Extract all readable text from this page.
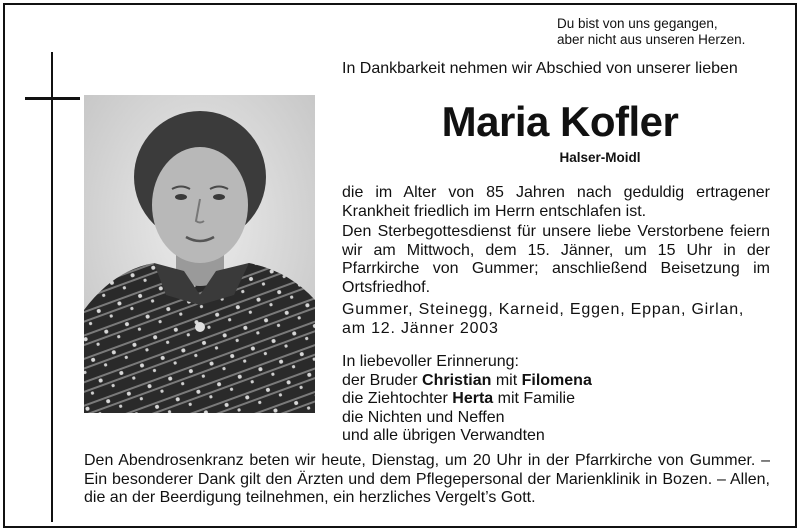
Du bist von uns gegangen,
aber nicht aus unseren Herzen.
In Dankbarkeit nehmen wir Abschied von unserer lieben
Maria Kofler
Halser-Moidl
die im Alter von 85 Jahren nach geduldig ertragener Krankheit friedlich im Herrn entschlafen ist.
Den Sterbegottesdienst für unsere liebe Verstorbene feiern wir am Mittwoch, dem 15. Jänner, um 15 Uhr in der Pfarrkirche von Gummer; anschließend Beisetzung im Ortsfriedhof.
Gummer, Steinegg, Karneid, Eggen, Eppan, Girlan, am 12. Jänner 2003
In liebevoller Erinnerung:
der Bruder Christian mit Filomena
die Ziehtochter Herta mit Familie
die Nichten und Neffen
und alle übrigen Verwandten
Den Abendrosenkranz beten wir heute, Dienstag, um 20 Uhr in der Pfarrkirche von Gummer. – Ein besonderer Dank gilt den Ärzten und dem Pflegepersonal der Marienklinik in Bozen. – Allen, die an der Beerdigung teilnehmen, ein herzliches Vergelt’s Gott.
